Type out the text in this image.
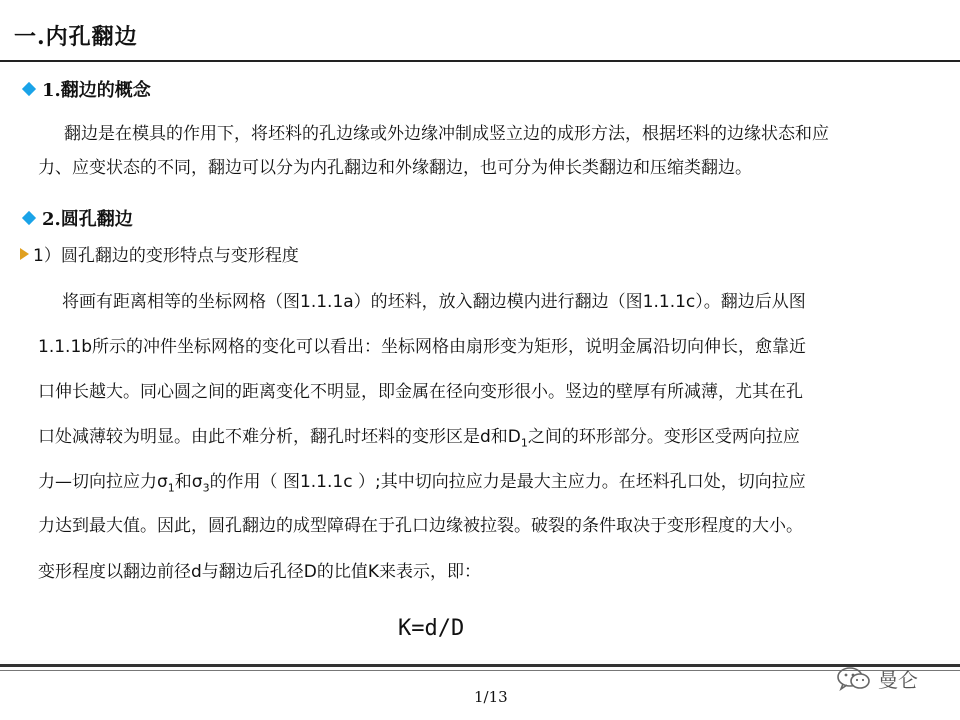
一.内孔翻边
1.翻边的概念
翻边是在模具的作用下，将坯料的孔边缘或外边缘冲制成竖立边的成形方法，根据坯料的边缘状态和应
力、应变状态的不同，翻边可以分为内孔翻边和外缘翻边，也可分为伸长类翻边和压缩类翻边。
2.圆孔翻边
1）圆孔翻边的变形特点与变形程度
将画有距离相等的坐标网格（图1.1.1a）的坯料，放入翻边模内进行翻边（图1.1.1c）。翻边后从图
1.1.1b所示的冲件坐标网格的变化可以看出：坐标网格由扇形变为矩形，说明金属沿切向伸长，愈靠近
口伸长越大。同心圆之间的距离变化不明显，即金属在径向变形很小。竖边的壁厚有所减薄，尤其在孔
口处减薄较为明显。由此不难分析，翻孔时坯料的变形区是d和$D_1$之间的环形部分。变形区受两向拉应
力—切向拉应力$\sigma_1$和$\sigma_3$的作用（ 图1.1.1c ）;其中切向拉应力是最大主应力。在坯料孔口处，切向拉应
力达到最大值。因此，圆孔翻边的成型障碍在于孔口边缘被拉裂。破裂的条件取决于变形程度的大小。
变形程度以翻边前径d与翻边后孔径D的比值K来表示，即：
K=d/D
1/13
曼仑
